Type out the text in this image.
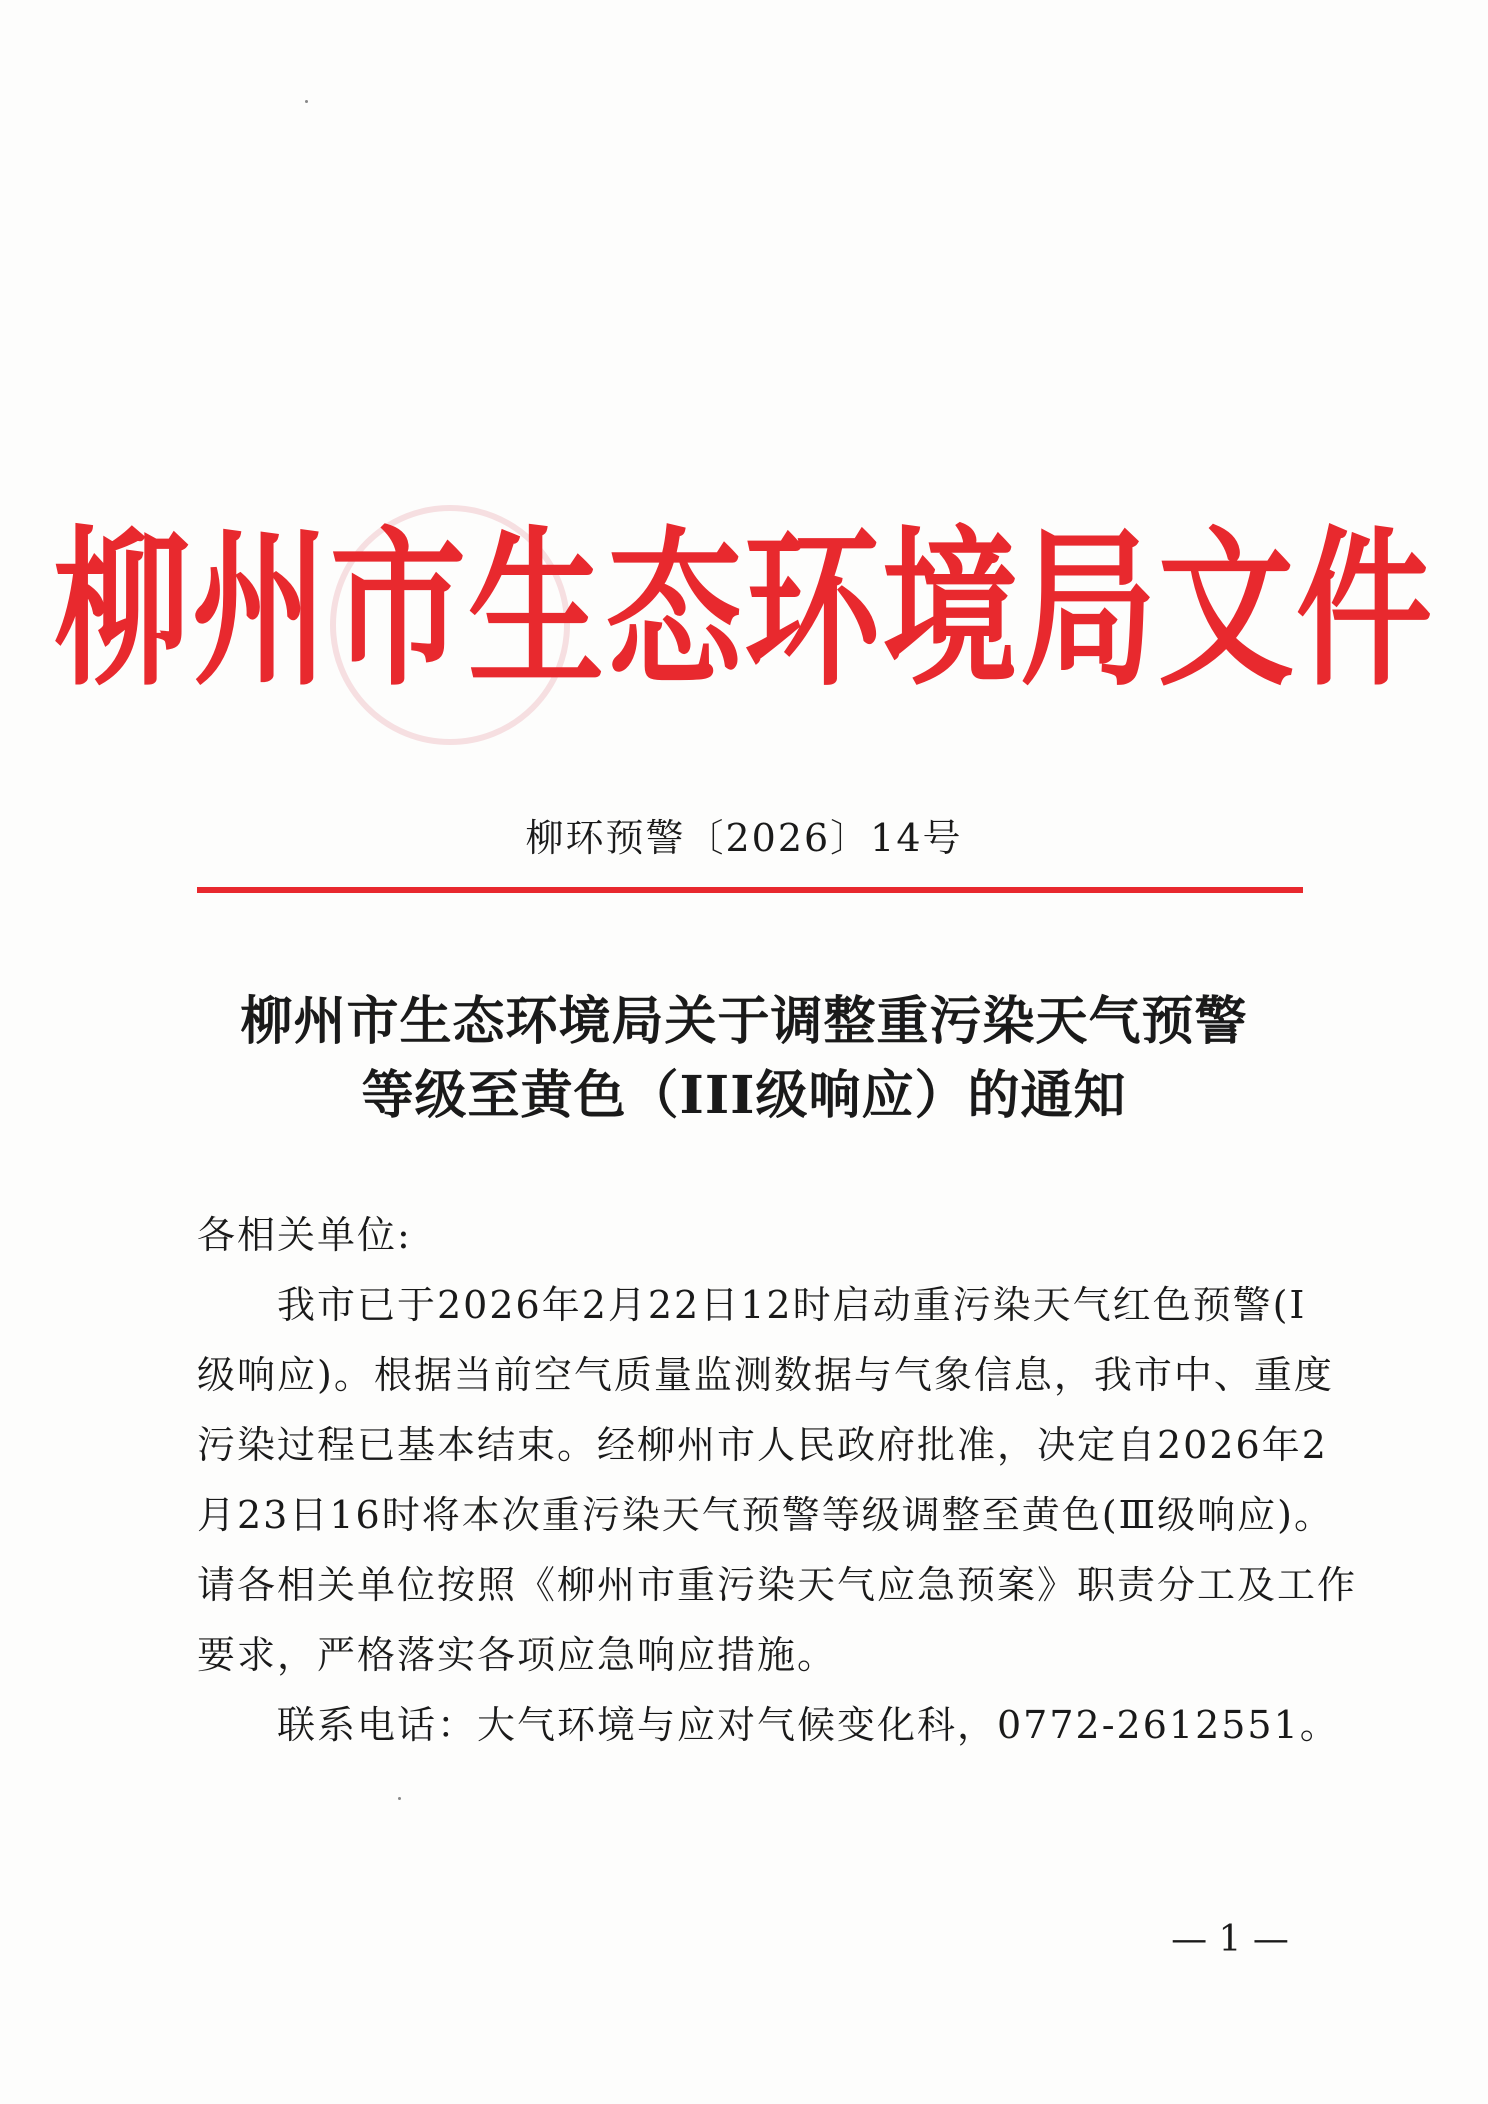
柳州市生态环境局文件
柳环预警〔2026〕14号
柳州市生态环境局关于调整重污染天气预警
等级至黄色（III级响应）的通知
各相关单位:
我市已于2026年2月22日12时启动重污染天气红色预警(Ⅰ
级响应)。根据当前空气质量监测数据与气象信息，我市中、重度
污染过程已基本结束。经柳州市人民政府批准，决定自2026年2
月23日16时将本次重污染天气预警等级调整至黄色(Ⅲ级响应)。
请各相关单位按照《柳州市重污染天气应急预案》职责分工及工作
要求，严格落实各项应急响应措施。
联系电话：大气环境与应对气候变化科，0772-2612551。
— 1 —
